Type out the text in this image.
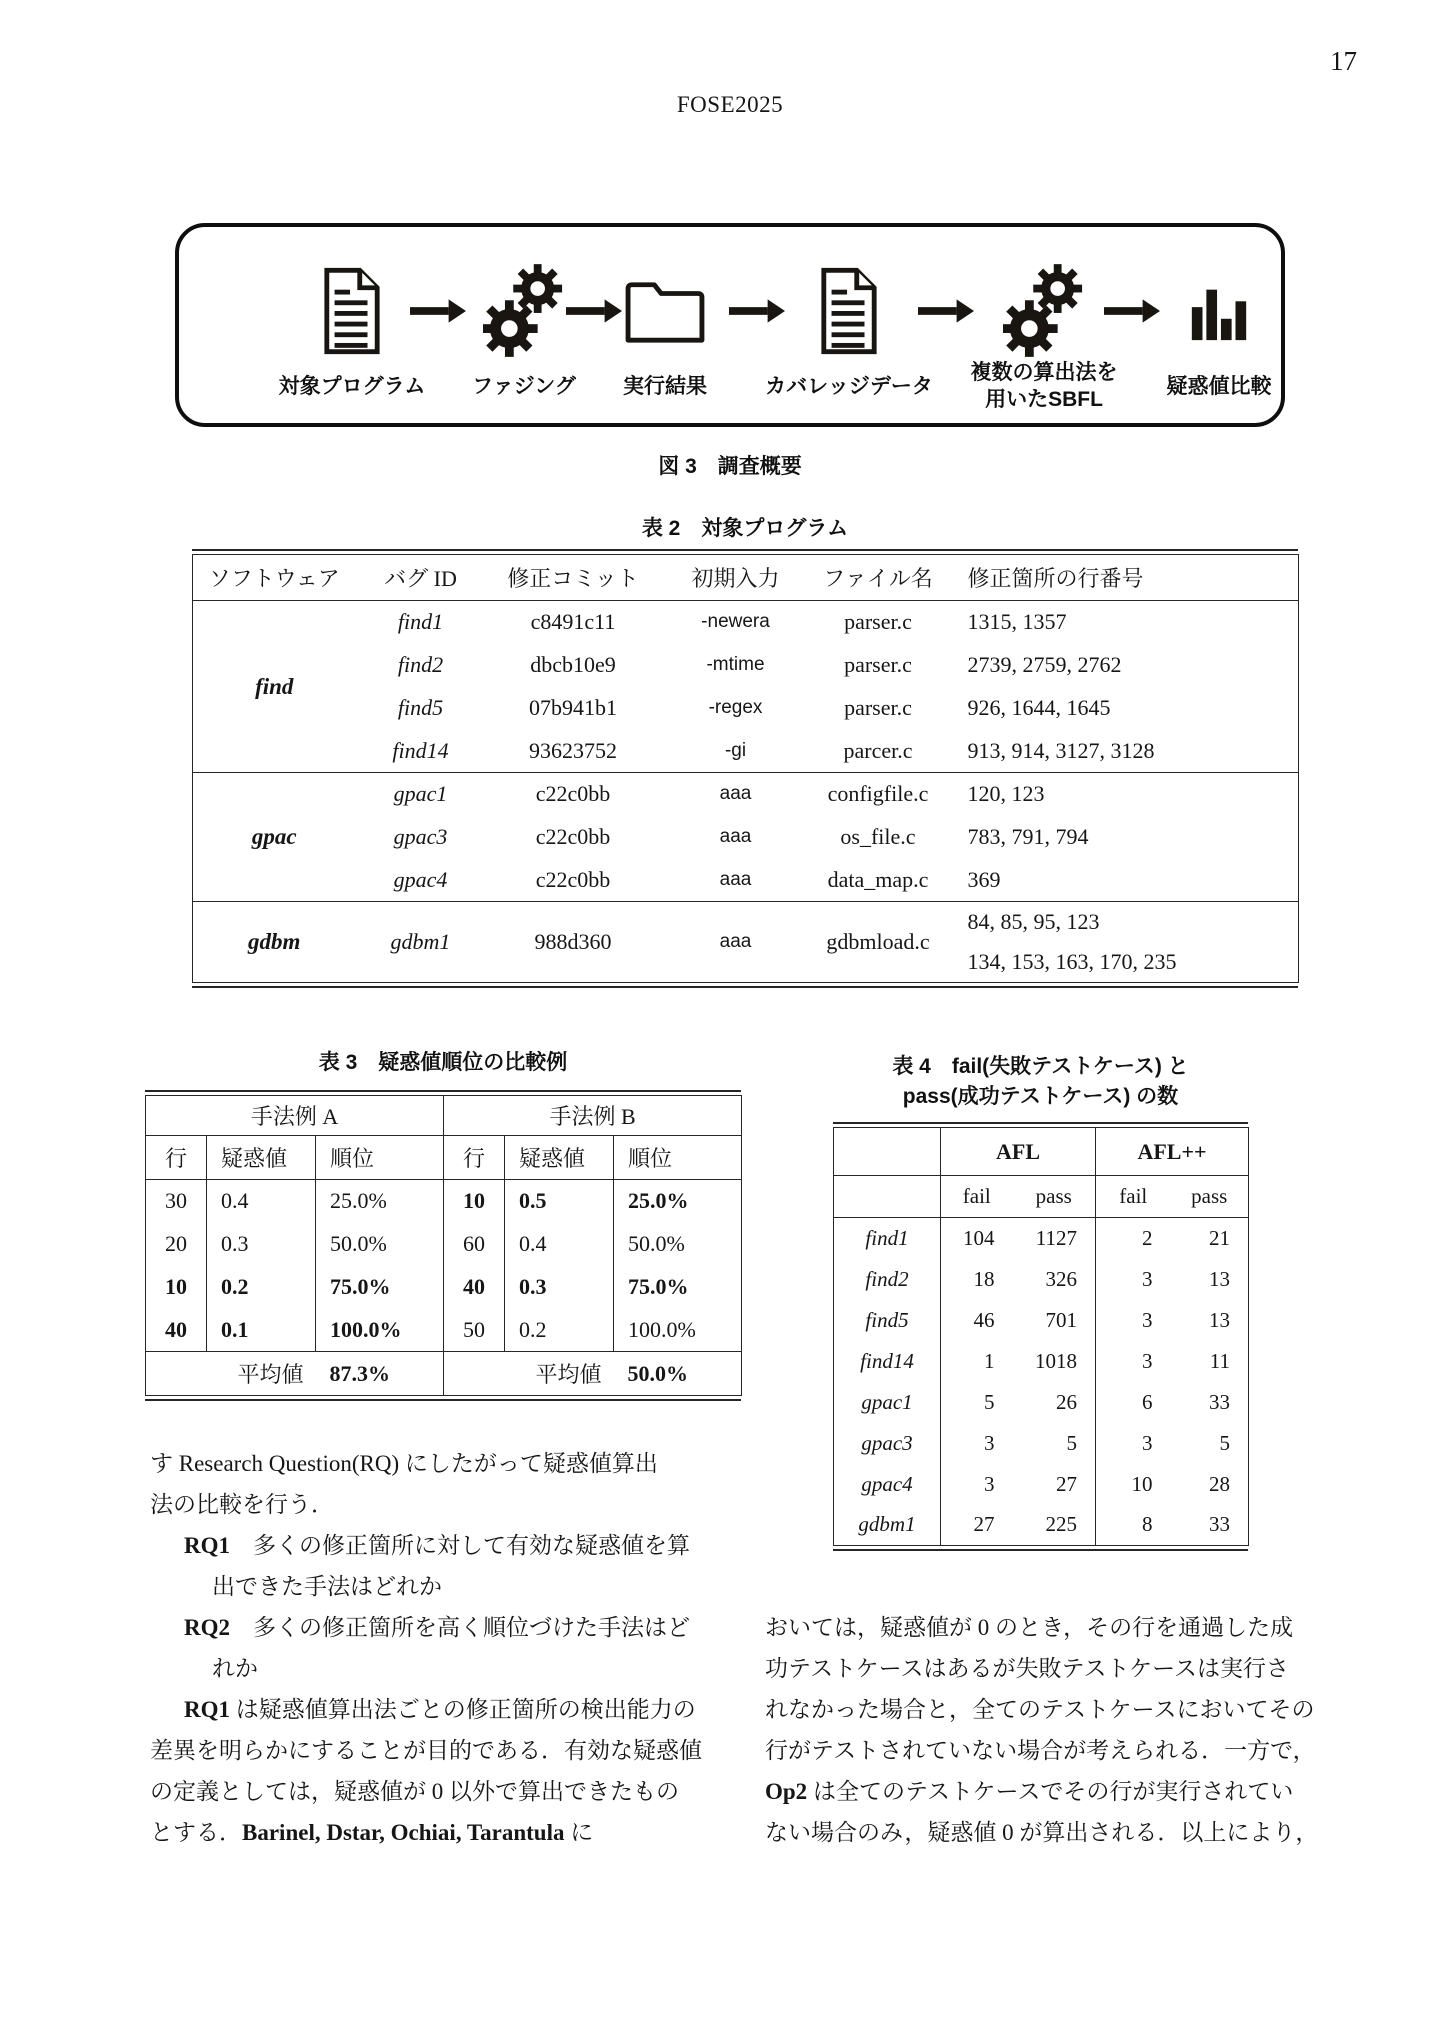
17
FOSE2025
対象プログラム ファジング 実行結果	カバレッジデータ
複数の算出法を
用いたSBFL
疑惑値比較
図 3　調査概要
表 2　対象プログラム
ソフトウェア	バグ ID	修正コミット	初期入力	ファイル名	修正箇所の行番号
find	find1	c8491c11	-newera	parser.c	1315, 1357

	find2	dbcb10e9	-mtime	parser.c	2739, 2759, 2762

	find5	07b941b1	-regex	parser.c	926, 1644, 1645

	find14	93623752	-gi	parcer.c	913, 914, 3127, 3128

gpac	gpac1	c22c0bb	aaa	configfile.c	120, 123

	gpac3	c22c0bb	aaa	os_file.c	783, 791, 794

	gpac4	c22c0bb	aaa	data_map.c	369

gdbm	gdbm1	988d360	aaa	gdbmload.c	84, 85, 95, 123
134, 153, 163, 170, 235
表 3　疑惑値順位の比較例
手法例 A			手法例 B		
行	疑惑値	順位	行	疑惑値	順位
30	0.4	25.0%	10	0.5	25.0%
20	0.3	50.0%	60	0.4	50.0%
10	0.2	75.0%	40	0.3	75.0%
40	0.1	100.0%	50	0.2	100.0%
平均値		87.3%	平均値		50.0%
表 4　fail(失敗テストケース) と
pass(成功テストケース) の数
	AFL		AFL++	
	fail	pass	fail	pass
find1	104	1127	2	21
find2	18	326	3	13
find5	46	701	3	13
find14	1	1018	3	11
gpac1	5	26	6	33
gpac3	3	5	3	5
gpac4	3	27	10	28
gdbm1	27	225	8	33
す Research Question(RQ) にしたがって疑惑値算出
法の比較を行う．
RQ1　多くの修正箇所に対して有効な疑惑値を算
出できた手法はどれか
RQ2　多くの修正箇所を高く順位づけた手法はど
れか
RQ1 は疑惑値算出法ごとの修正箇所の検出能力の
差異を明らかにすることが目的である．有効な疑惑値
の定義としては，疑惑値が 0 以外で算出できたもの
とする．Barinel, Dstar, Ochiai, Tarantula に
おいては，疑惑値が 0 のとき，その行を通過した成
功テストケースはあるが失敗テストケースは実行さ
れなかった場合と，全てのテストケースにおいてその
行がテストされていない場合が考えられる．一方で，
Op2 は全てのテストケースでその行が実行されてい
ない場合のみ，疑惑値 0 が算出される．以上により，
